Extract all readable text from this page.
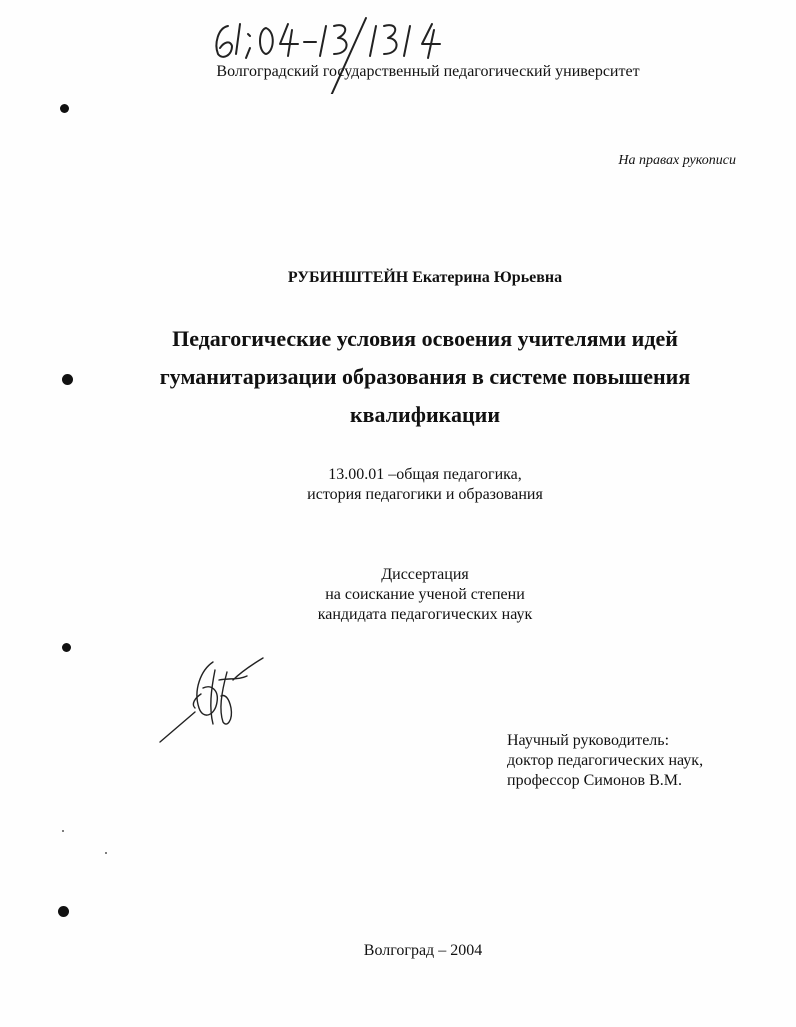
Волгоградский государственный педагогический университет
На правах рукописи
РУБИНШТЕЙН Екатерина Юрьевна
Педагогические условия освоения учителями идей
гуманитаризации образования в системе повышения
квалификации
13.00.01 –общая педагогика,
история педагогики и образования
Диссертация
на соискание ученой степени
кандидата педагогических наук
Научный руководитель:
доктор педагогических наук,
профессор Симонов В.М.
Волгоград – 2004
